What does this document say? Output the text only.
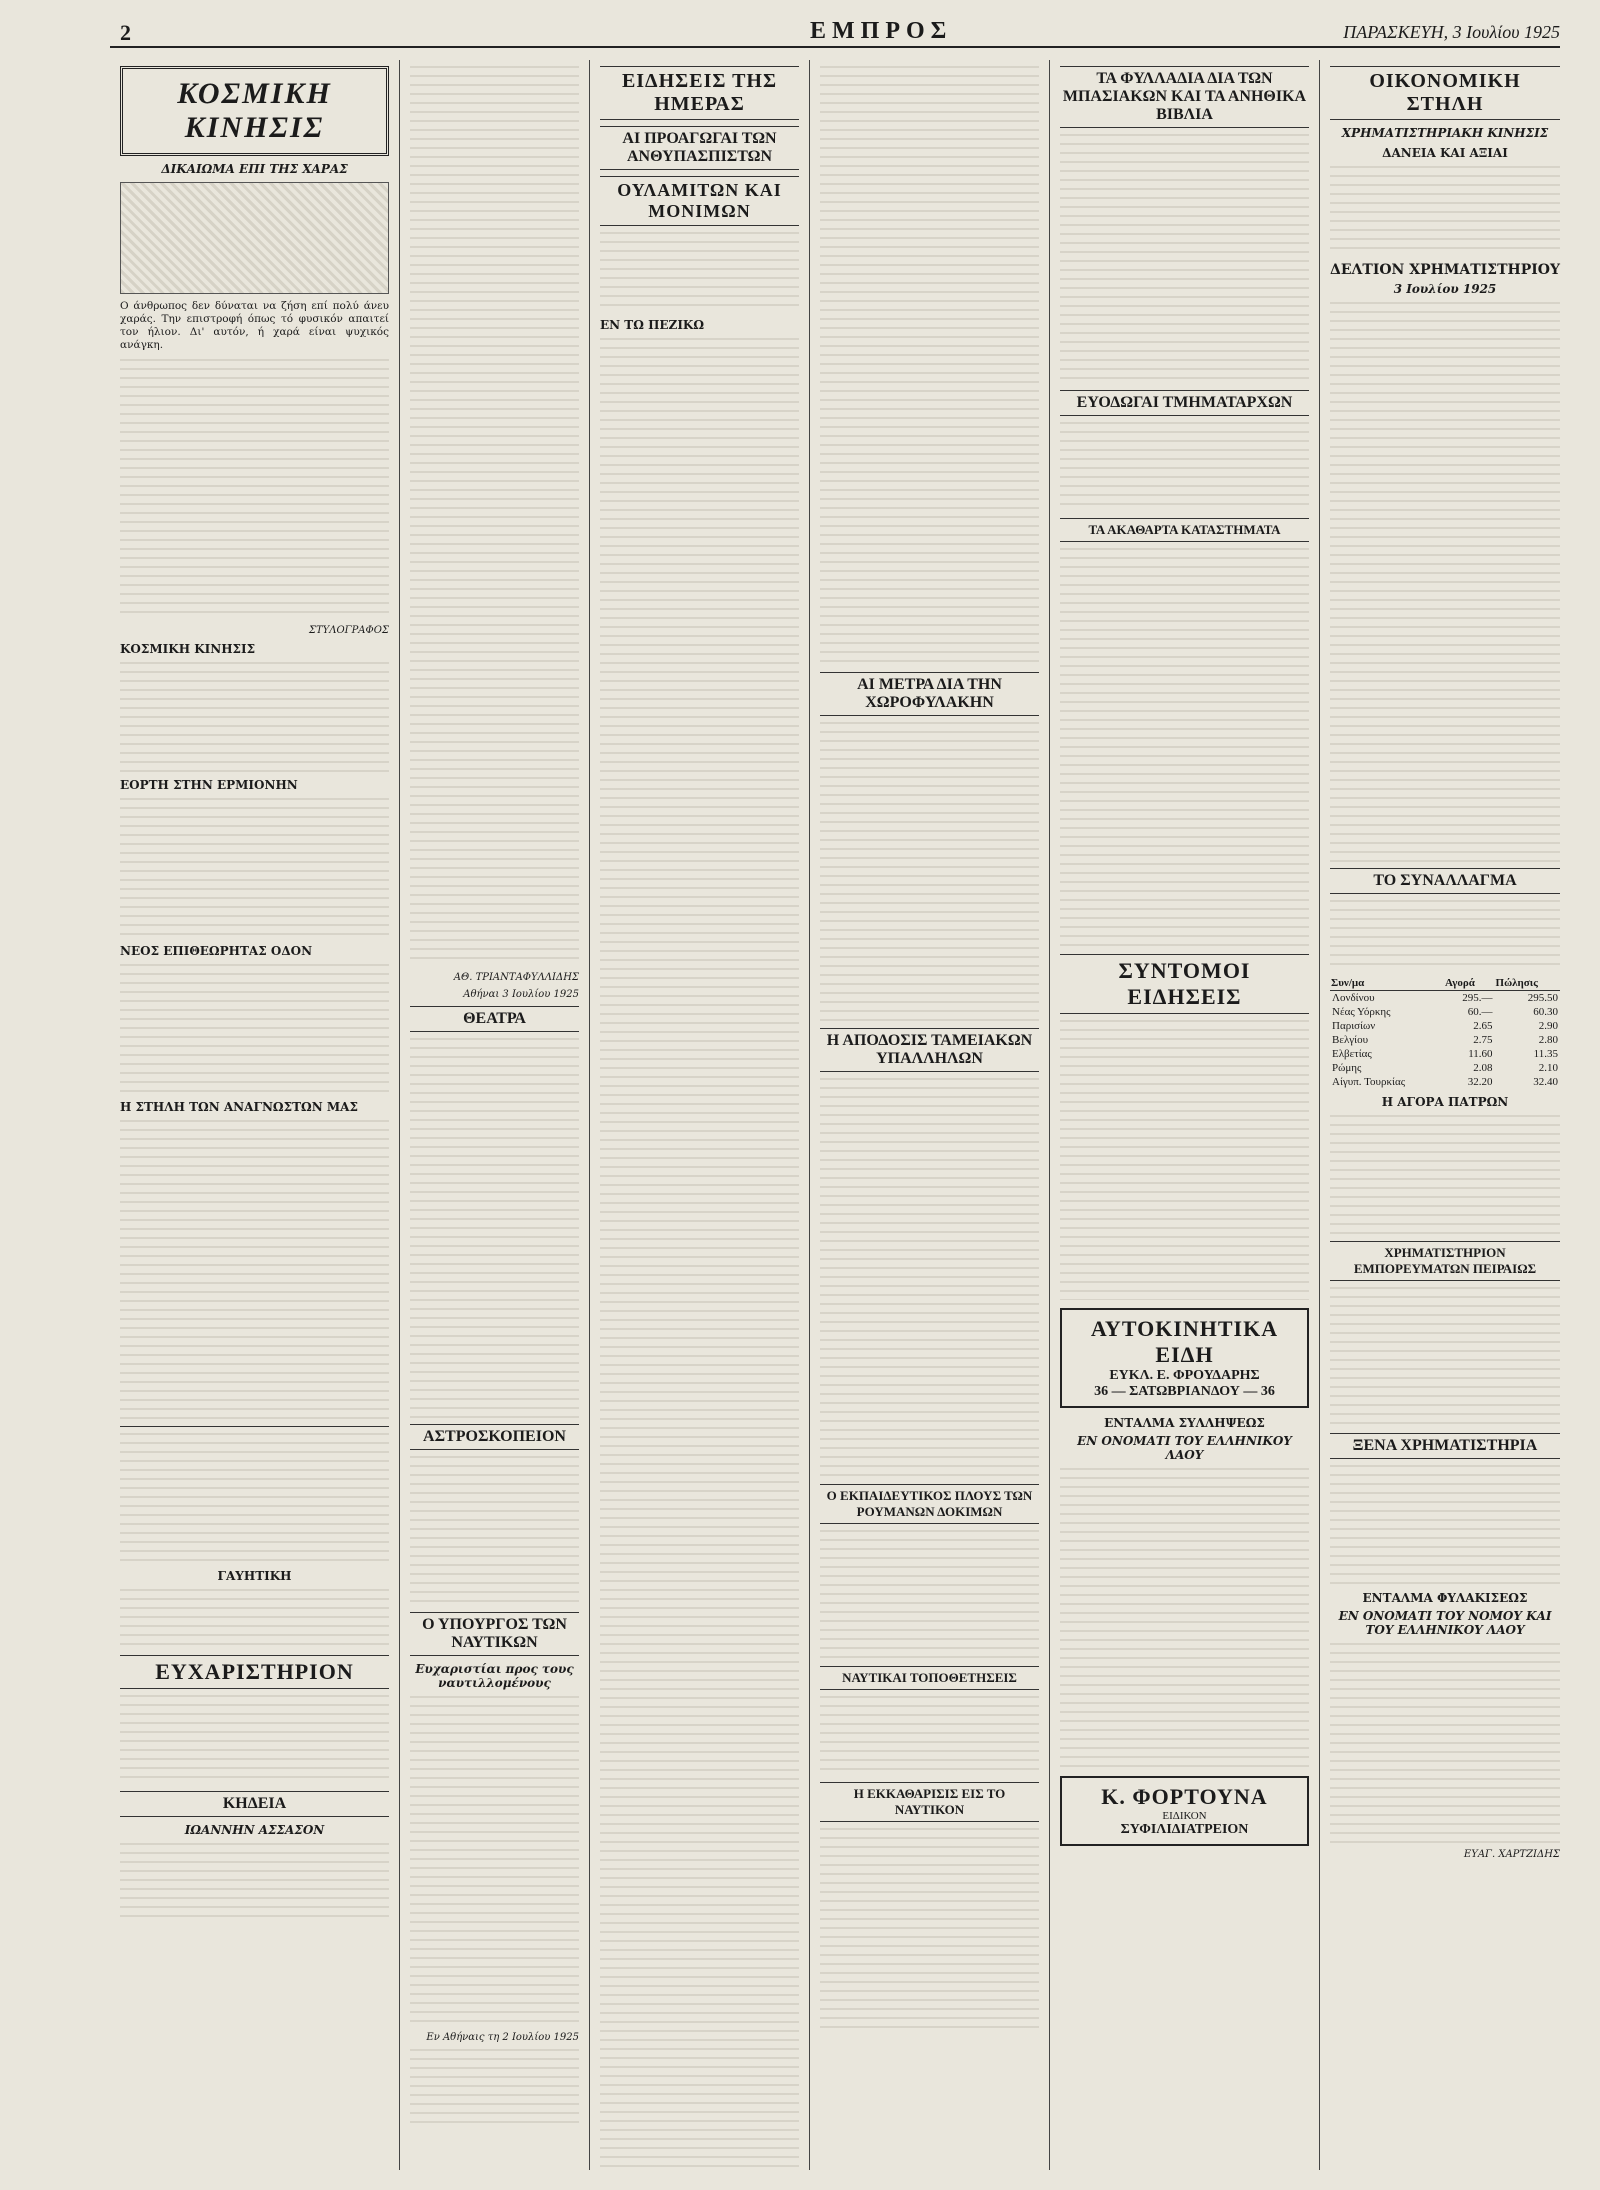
2	ΕΜΠΡΟΣ	ΠΑΡΑΣΚΕΥΗ, 3 Ιουλίου 1925
ΚΟΣΜΙΚΗ ΚΙΝΗΣΙΣ
ΔΙΚΑΙΩΜΑ ΕΠΙ ΤΗΣ ΧΑΡΑΣ

Ο άνθρωπος δεν δύναται να ζήση επί πολύ άνευ χαράς. Την επιστροφή όπως τό φυσικόν απαιτεί τον ήλιον. Δι' αυτόν, ή χαρά είναι ψυχικός ανάγκη.

ΣΤΥΛΟΓΡΑΦΟΣ
ΚΟΣΜΙΚΗ ΚΙΝΗΣΙΣ
ΕΟΡΤΗ ΣΤΗΝ ΕΡΜΙΟΝΗΝ
ΝΕΟΣ ΕΠΙΘΕΩΡΗΤΑΣ ΟΔΟΝ
Η ΣΤΗΛΗ ΤΩΝ ΑΝΑΓΝΩΣΤΩΝ ΜΑΣ
ΓΑΥΗΤΙΚΗ
ΕΥΧΑΡΙΣΤΗΡΙΟΝ
ΚΗΔΕΙΑ
ΙΩΑΝΝΗΝ ΑΣΣΑΣΟΝ
ΑΘ. ΤΡΙΑΝΤΑΦΥΛΛΙΔΗΣ
Αθήναι 3 Ιουλίου 1925
ΘΕΑΤΡΑ
ΑΣΤΡΟΣΚΟΠΕΙΟΝ
Ο ΥΠΟΥΡΓΟΣ ΤΩΝ ΝΑΥΤΙΚΩΝ
Ευχαριστίαι προς τους ναυτιλλομένους
Εν Αθήναις τη 2 Ιουλίου 1925
ΕΙΔΗΣΕΙΣ ΤΗΣ ΗΜΕΡΑΣ
ΑΙ ΠΡΟΑΓΩΓΑΙ ΤΩΝ ΑΝΘΥΠΑΣΠΙΣΤΩΝ
ΟΥΛΑΜΙΤΩΝ ΚΑΙ ΜΟΝΙΜΩΝ
ΕΝ ΤΩ ΠΕΖΙΚΩ
ΑΙ ΜΕΤΡΑ ΔΙΑ ΤΗΝ ΧΩΡΟΦΥΛΑΚΗΝ
Η ΑΠΟΔΟΣΙΣ ΤΑΜΕΙΑΚΩΝ ΥΠΑΛΛΗΛΩΝ
Ο ΕΚΠΑΙΔΕΥΤΙΚΟΣ ΠΛΟΥΣ ΤΩΝ ΡΟΥΜΑΝΩΝ ΔΟΚΙΜΩΝ
ΝΑΥΤΙΚΑΙ ΤΟΠΟΘΕΤΗΣΕΙΣ
Η ΕΚΚΑΘΑΡΙΣΙΣ ΕΙΣ ΤΟ ΝΑΥΤΙΚΟΝ
ΤΑ ΦΥΛΛΑΔΙΑ ΔΙΑ ΤΩΝ ΜΠΑΣΙΑΚΩΝ ΚΑΙ ΤΑ ΑΝΗΘΙΚΑ ΒΙΒΛΙΑ
ΕΥΟΔΩΓΑΙ ΤΜΗΜΑΤΑΡΧΩΝ
ΤΑ ΑΚΑΘΑΡΤΑ ΚΑΤΑΣΤΗΜΑΤΑ
ΣΥΝΤΟΜΟΙ ΕΙΔΗΣΕΙΣ
ΑΥΤΟΚΙΝΗΤΙΚΑ ΕΙΔΗ
ΕΥΚΛ. Ε. ΦΡΟΥΔΑΡΗΣ
36 — ΣΑΤΩΒΡΙΑΝΔΟΥ — 36
ΕΝΤΑΛΜΑ ΣΥΛΛΗΨΕΩΣ
ΕΝ ΟΝΟΜΑΤΙ ΤΟΥ ΕΛΛΗΝΙΚΟΥ ΛΑΟΥ
Κ. ΦΟΡΤΟΥΝΑ
ΕΙΔΙΚΟΝ
ΣΥΦΙΛΙΔΙΑΤΡΕΙΟΝ
ΟΙΚΟΝΟΜΙΚΗ ΣΤΗΛΗ
ΧΡΗΜΑΤΙΣΤΗΡΙΑΚΗ ΚΙΝΗΣΙΣ
ΔΑΝΕΙΑ ΚΑΙ ΑΞΙΑΙ
ΔΕΛΤΙΟΝ ΧΡΗΜΑΤΙΣΤΗΡΙΟΥ
3 Ιουλίου 1925
ΤΟ ΣΥΝΑΛΛΑΓΜΑ
Συν/μα	Αγορά	Πώλησις
Λονδίνου	295.—	295.50
Νέας Υόρκης	60.—	60.30
Παρισίων	2.65	2.90
Βελγίου	2.75	2.80
Ελβετίας	11.60	11.35
Ρώμης	2.08	2.10
Αίγυπ. Τουρκίας	32.20	32.40
Η ΑΓΟΡΑ ΠΑΤΡΩΝ
ΧΡΗΜΑΤΙΣΤΗΡΙΟΝ ΕΜΠΟΡΕΥΜΑΤΩΝ ΠΕΙΡΑΙΩΣ
ΞΕΝΑ ΧΡΗΜΑΤΙΣΤΗΡΙΑ
ΕΝΤΑΛΜΑ ΦΥΛΑΚΙΣΕΩΣ
ΕΝ ΟΝΟΜΑΤΙ ΤΟΥ ΝΟΜΟΥ ΚΑΙ ΤΟΥ ΕΛΛΗΝΙΚΟΥ ΛΑΟΥ
ΕΥΑΓ. ΧΑΡΤΖΙΔΗΣ
